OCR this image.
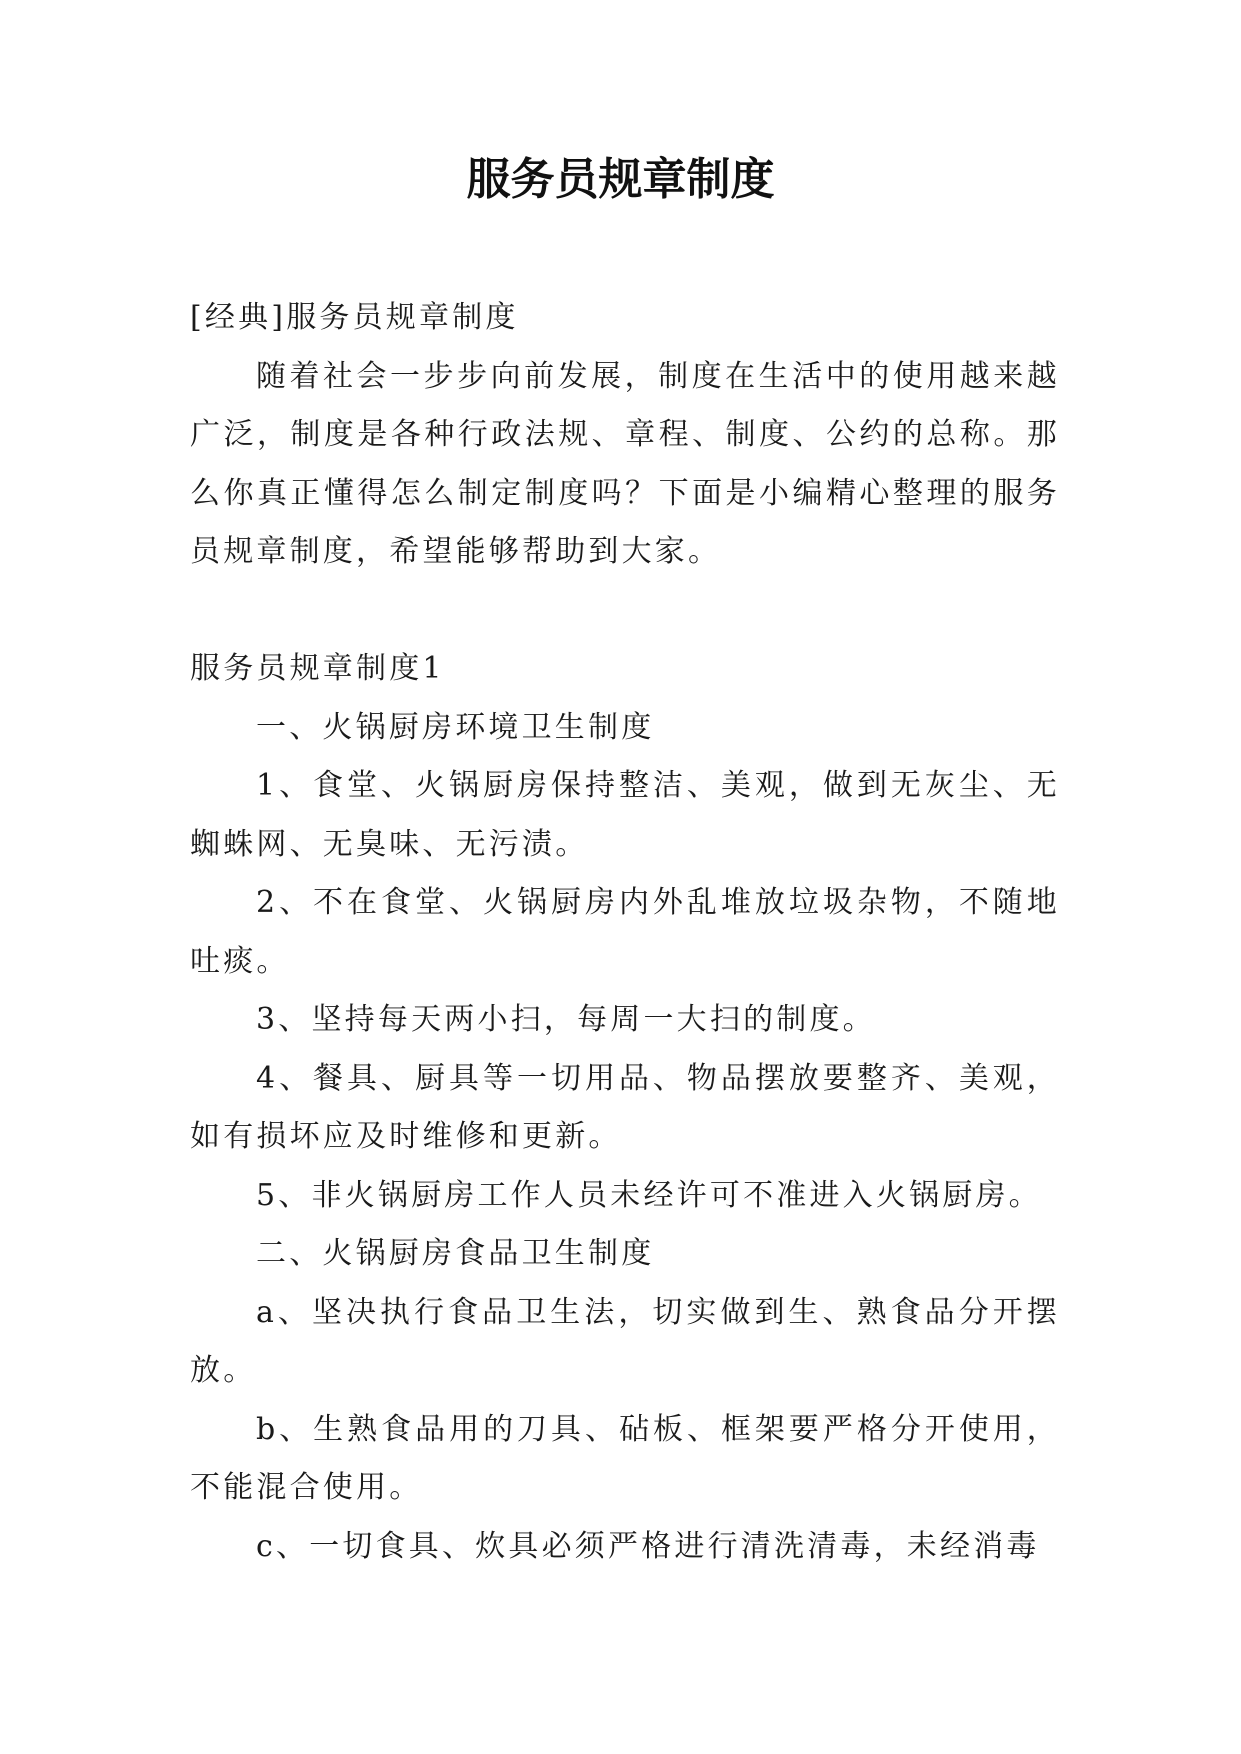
服务员规章制度

[经典]服务员规章制度

随着社会一步步向前发展，制度在生活中的使用越来越广泛，制度是各种行政法规、章程、制度、公约的总称。那么你真正懂得怎么制定制度吗？下面是小编精心整理的服务员规章制度，希望能够帮助到大家。

服务员规章制度1

一、火锅厨房环境卫生制度

1、食堂、火锅厨房保持整洁、美观，做到无灰尘、无蜘蛛网、无臭味、无污渍。

2、不在食堂、火锅厨房内外乱堆放垃圾杂物，不随地吐痰。

3、坚持每天两小扫，每周一大扫的制度。

4、餐具、厨具等一切用品、物品摆放要整齐、美观，如有损坏应及时维修和更新。

5、非火锅厨房工作人员未经许可不准进入火锅厨房。

二、火锅厨房食品卫生制度

a、坚决执行食品卫生法，切实做到生、熟食品分开摆放。

b、生熟食品用的刀具、砧板、框架要严格分开使用，不能混合使用。

c、一切食具、炊具必须严格进行清洗清毒，未经消毒
